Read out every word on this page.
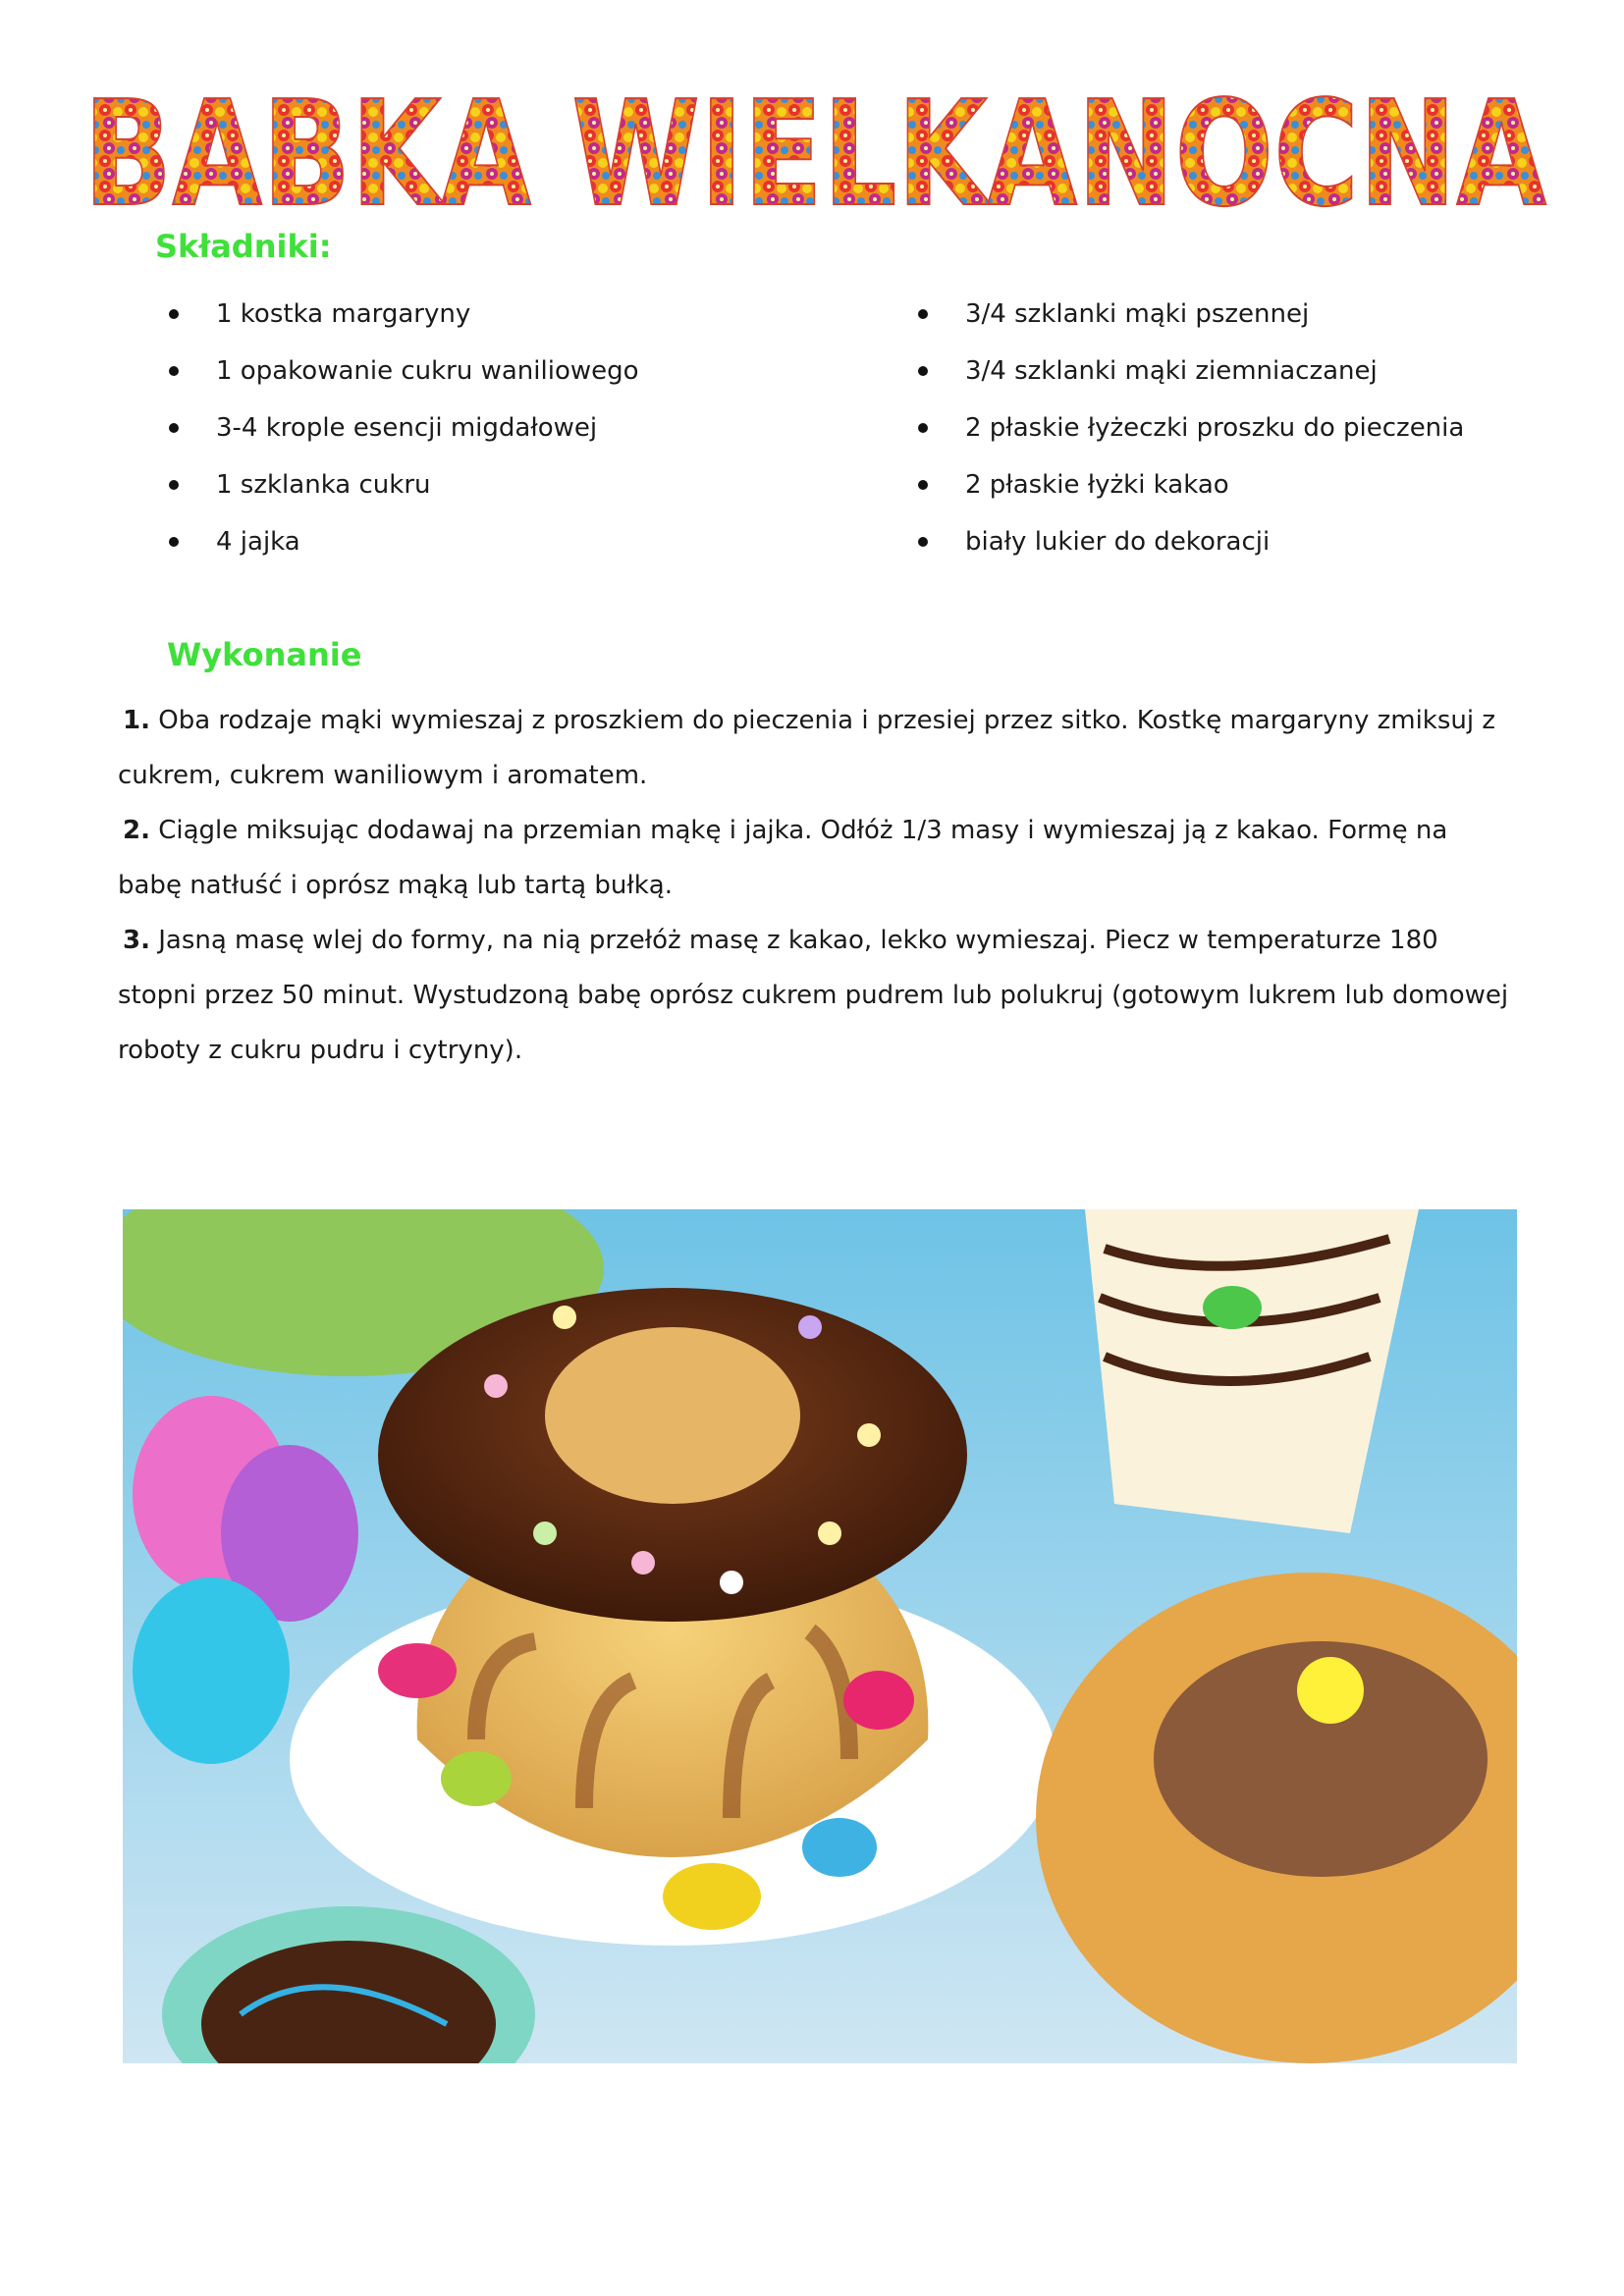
BABKA WIELKANOCNA
Składniki:
1 kostka margaryny
1 opakowanie cukru waniliowego
3-4 krople esencji migdałowej
1 szklanka cukru
4 jajka
3/4 szklanki mąki pszennej
3/4 szklanki mąki ziemniaczanej
2 płaskie łyżeczki proszku do pieczenia
2 płaskie łyżki kakao
biały lukier do dekoracji
Wykonanie

1. Oba rodzaje mąki wymieszaj z proszkiem do pieczenia i przesiej przez sitko. Kostkę margaryny zmiksuj z cukrem, cukrem waniliowym i aromatem.

2. Ciągle miksując dodawaj na przemian mąkę i jajka. Odłóż 1/3 masy i wymieszaj ją z kakao. Formę na babę natłuść i oprósz mąką lub tartą bułką.

3. Jasną masę wlej do formy, na nią przełóż masę z kakao, lekko wymieszaj. Piecz w temperaturze 180 stopni przez 50 minut. Wystudzoną babę oprósz cukrem pudrem lub polukruj (gotowym lukrem lub domowej roboty z cukru pudru i cytryny).
